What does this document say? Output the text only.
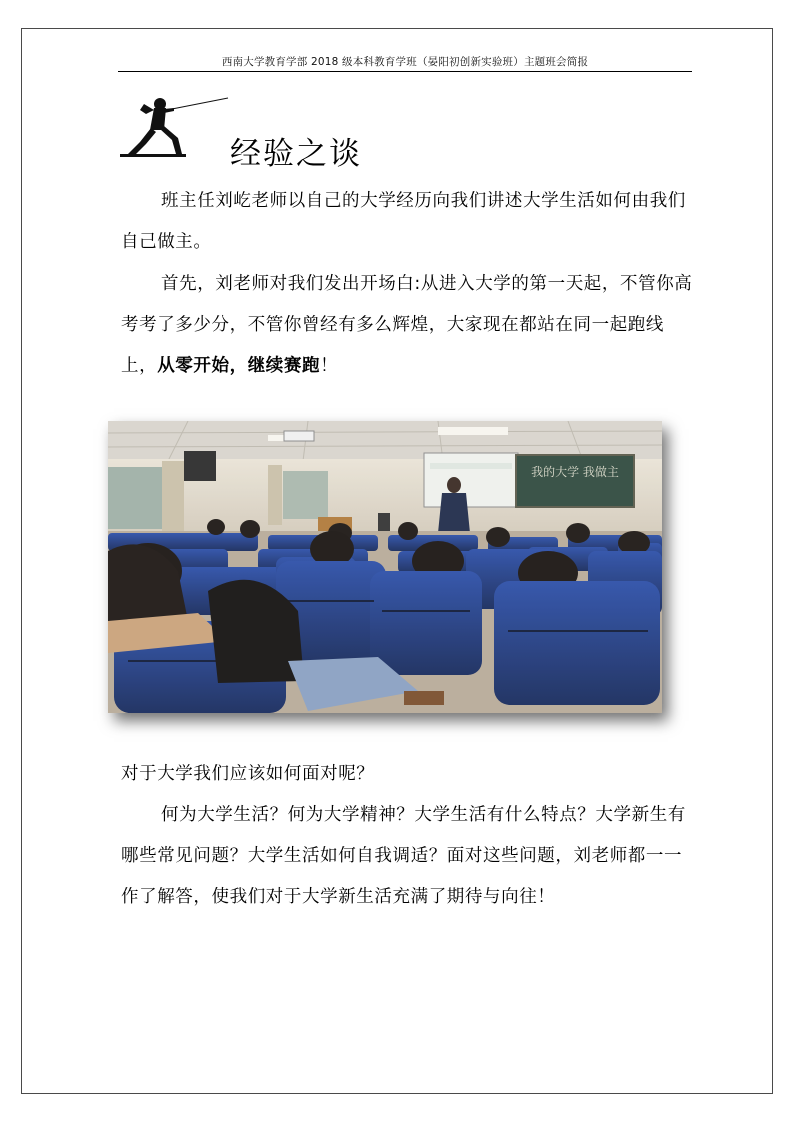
西南大学教育学部 2018 级本科教育学班（晏阳初创新实验班）主题班会简报
经验之谈

班主任刘屹老师以自己的大学经历向我们讲述大学生活如何由我们自己做主。

首先，刘老师对我们发出开场白:从进入大学的第一天起，不管你高考考了多少分，不管你曾经有多么辉煌，大家现在都站在同一起跑线上，从零开始，继续赛跑！

我的大学 我做主

对于大学我们应该如何面对呢？

何为大学生活？何为大学精神？大学生活有什么特点？大学新生有哪些常见问题？大学生活如何自我调适？面对这些问题，刘老师都一一作了解答，使我们对于大学新生活充满了期待与向往！
